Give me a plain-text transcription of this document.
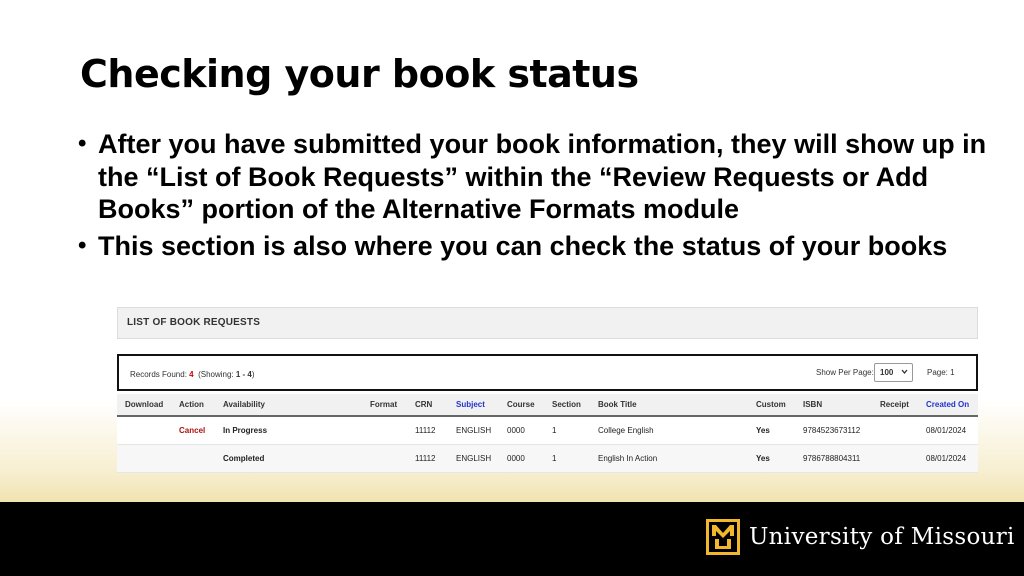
Checking your book status
• After you have submitted your book information, they will show up in the “List of Book Requests” within the “Review Requests or Add Books” portion of the Alternative Formats module
• This section is also where you can check the status of your books
LIST OF BOOK REQUESTS
Records Found: 4 (Showing: 1 - 4)	Show Per Page: 100	Page: 1
Download	Action	Availability	Format	CRN	Subject	Course	Section	Book Title	Custom	ISBN	Receipt	Created On
	Cancel	In Progress		11112	ENGLISH	0000	1	College English	Yes	9784523673112		08/01/2024
		Completed		11112	ENGLISH	0000	1	English In Action	Yes	9786788804311		08/01/2024
University of Missouri
